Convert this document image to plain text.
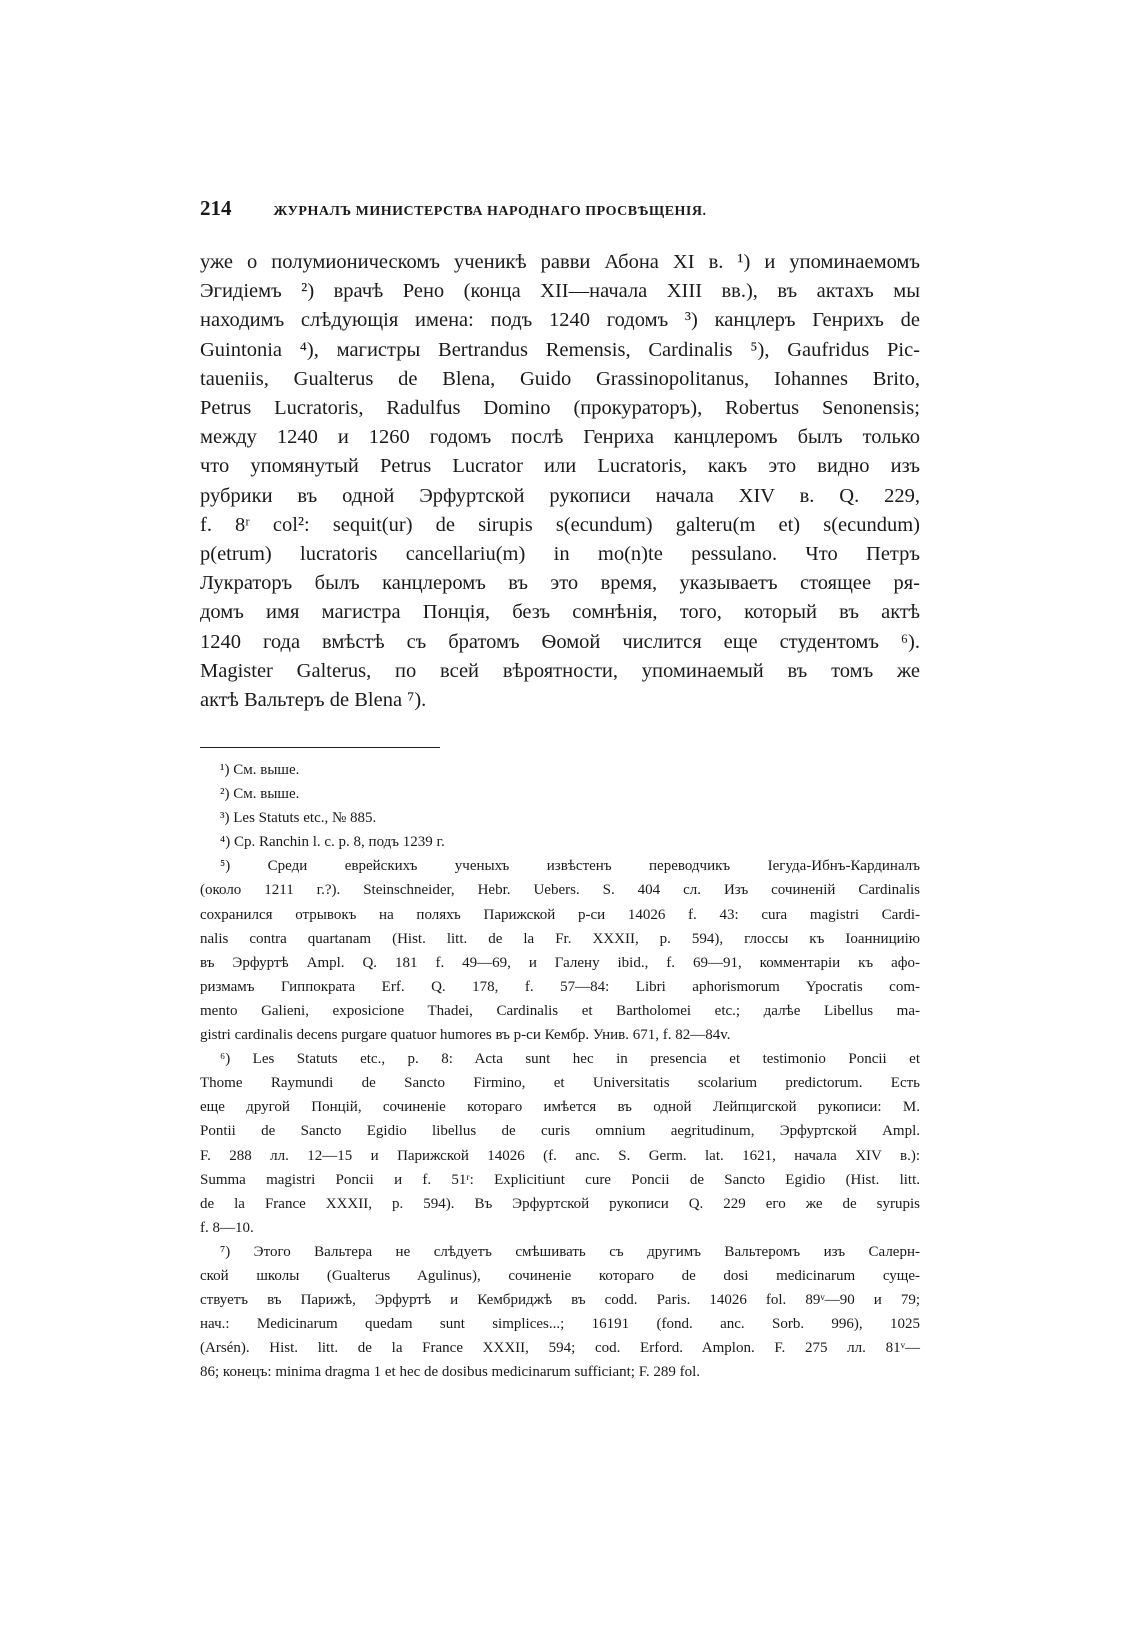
214	ЖУРНАЛЪ МИНИСТЕРСТВА НАРОДНАГО ПРОСВѢЩЕНІЯ.
уже о полумионическомъ ученикѣ равви Абона XI в. ¹) и упоминаемомъ
Эгидіемъ ²) врачѣ Рено (конца XII—начала XIII вв.), въ актахъ мы
находимъ слѣдующія имена: подъ 1240 годомъ ³) канцлеръ Генрихъ de
Guintonia ⁴), магистры Bertrandus Remensis, Cardinalis ⁵), Gaufridus Pic-
taueniis, Gualterus de Blena, Guido Grassinopolitanus, Iohannes Brito,
Petrus Lucratoris, Radulfus Domino (прокураторъ), Robertus Senonensis;
между 1240 и 1260 годомъ послѣ Генриха канцлеромъ былъ только
что упомянутый Petrus Lucrator или Lucratoris, какъ это видно изъ
рубрики въ одной Эрфуртской рукописи начала XIV в. Q. 229,
f. 8ʳ col²: sequit(ur) de sirupis s(ecundum) galteru(m et) s(ecundum)
p(etrum) lucratoris cancellariu(m) in mo(n)te pessulano. Что Петръ
Лукраторъ былъ канцлеромъ въ это время, указываетъ стоящее ря-
домъ имя магистра Понція, безъ сомнѣнія, того, который въ актѣ
1240 года вмѣстѣ съ братомъ Ѳомой числится еще студентомъ ⁶).
Magister Galterus, по всей вѣроятности, упоминаемый въ томъ же
актѣ Вальтеръ de Blena ⁷).
¹) См. выше.
²) См. выше.
³) Les Statuts etc., № 885.
⁴) Ср. Ranchin l. c. p. 8, подъ 1239 г.
⁵) Среди еврейскихъ ученыхъ извѣстенъ переводчикъ Iегуда-Ибнъ-Кардиналъ
(около 1211 г.?). Steinschneider, Hebr. Uebers. S. 404 сл. Изъ сочиненій Cardinalis
сохранился отрывокъ на поляхъ Парижской р-си 14026 f. 43: cura magistri Cardi-
nalis contra quartanam (Hist. litt. de la Fr. XXXII, p. 594), глоссы къ Iоаннициію
въ Эрфуртѣ Ampl. Q. 181 f. 49—69, и Галену ibid., f. 69—91, комментаріи къ афо-
ризмамъ Гиппократа Erf. Q. 178, f. 57—84: Libri aphorismorum Ypocratis com-
mento Galieni, exposicione Thadei, Cardinalis et Bartholomei etc.; далѣе Libellus ma-
gistri cardinalis decens purgare quatuor humores въ р-си Кембр. Унив. 671, f. 82—84v.
⁶) Les Statuts etc., p. 8: Acta sunt hec in presencia et testimonio Poncii et
Thome Raymundi de Sancto Firmino, et Universitatis scolarium predictorum. Есть
еще другой Понцій, сочиненіе котораго имѣется въ одной Лейпцигской рукописи: M.
Pontii de Sancto Egidio libellus de curis omnium aegritudinum, Эрфуртской Ampl.
F. 288 лл. 12—15 и Парижской 14026 (f. anc. S. Germ. lat. 1621, начала XIV в.):
Summa magistri Poncii и f. 51ʳ: Explicitiunt cure Poncii de Sancto Egidio (Hist. litt.
de la France XXXII, p. 594). Въ Эрфуртской рукописи Q. 229 его же de syrupis
f. 8—10.
⁷) Этого Вальтера не слѣдуетъ смѣшивать съ другимъ Вальтеромъ изъ Салерн-
ской школы (Gualterus Agulinus), сочиненіе котораго de dosi medicinarum суще-
ствуетъ въ Парижѣ, Эрфуртѣ и Кембриджѣ въ codd. Paris. 14026 fol. 89ᵛ—90 и 79;
нач.: Medicinarum quedam sunt simplices...; 16191 (fond. anc. Sorb. 996), 1025
(Arsén). Hist. litt. de la France XXXII, 594; cod. Erford. Amplon. F. 275 лл. 81ᵛ—
86; конецъ: minima dragma 1 et hec de dosibus medicinarum sufficiant; F. 289 fol.
